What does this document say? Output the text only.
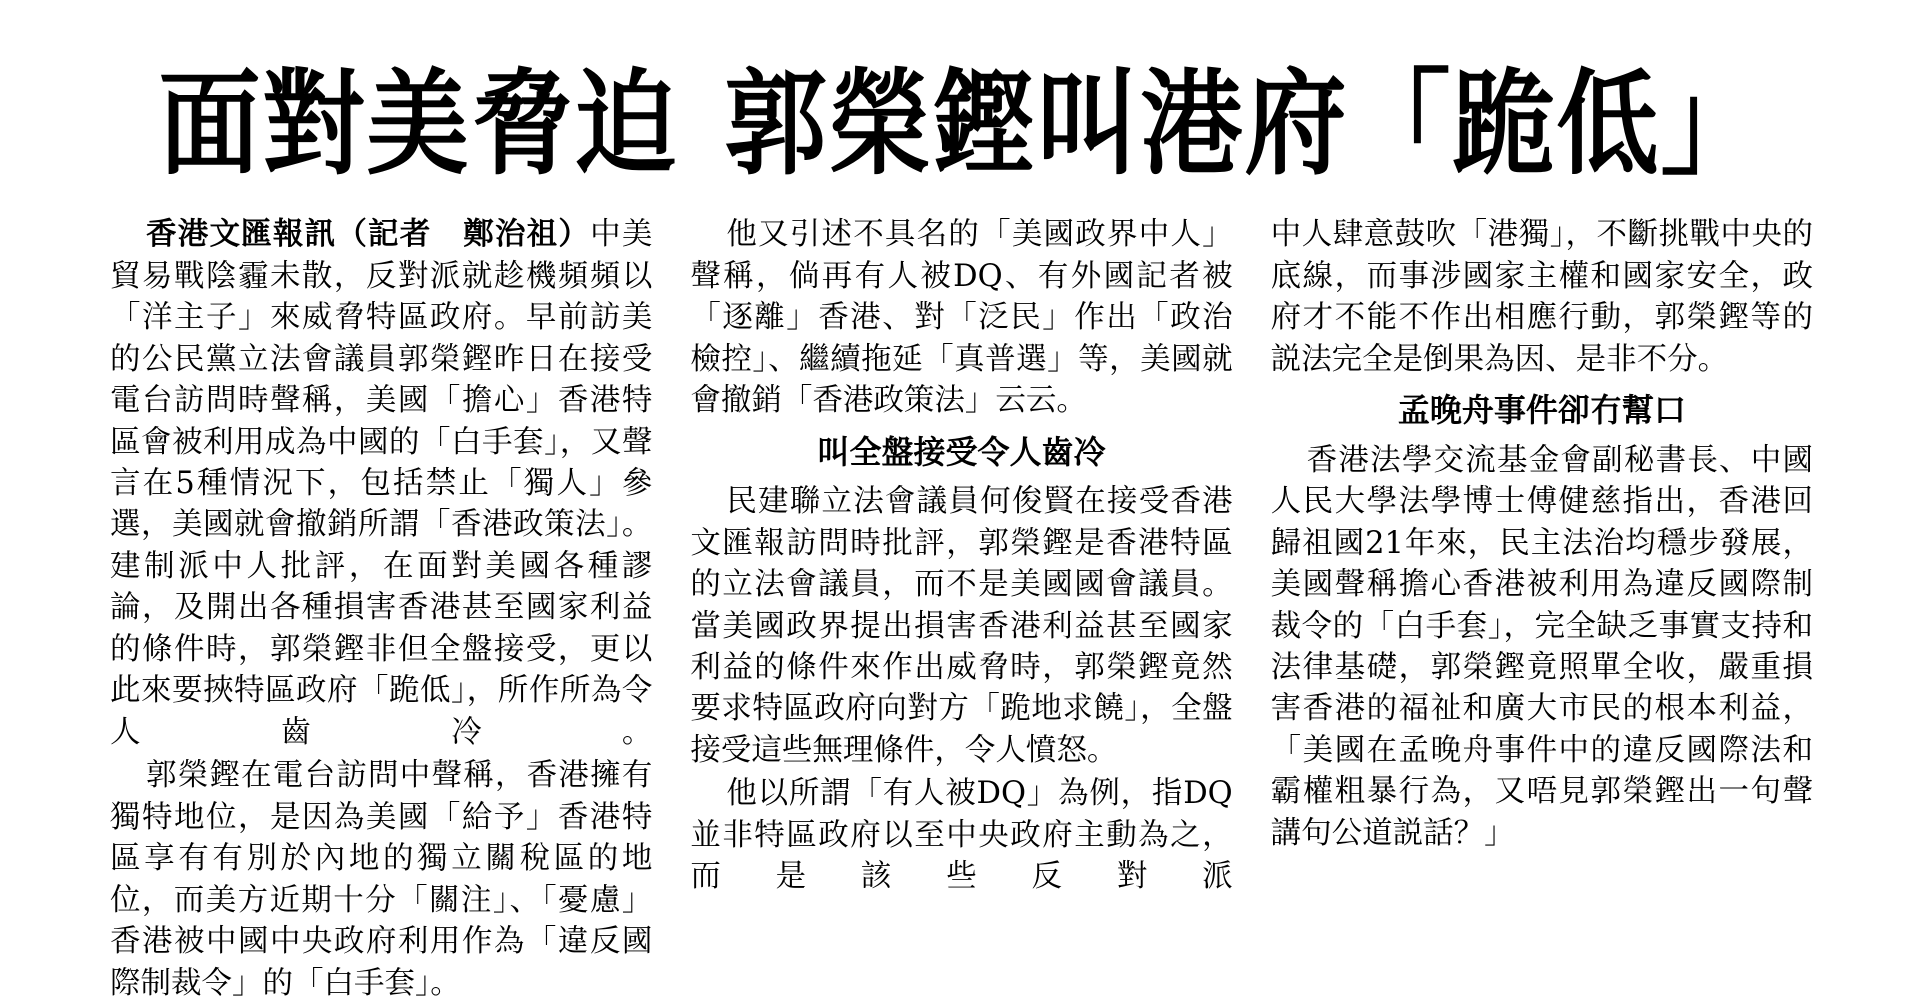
面對美脅迫 郭榮鏗叫港府「跪低」

香港文匯報訊（記者　鄭治祖）中美貿易戰陰霾未散，反對派就趁機頻頻以「洋主子」來威脅特區政府。早前訪美的公民黨立法會議員郭榮鏗昨日在接受電台訪問時聲稱，美國「擔心」香港特區會被利用成為中國的「白手套」，又聲言在5種情況下，包括禁止「獨人」參選，美國就會撤銷所謂「香港政策法」。建制派中人批評，在面對美國各種謬論，及開出各種損害香港甚至國家利益的條件時，郭榮鏗非但全盤接受，更以此來要挾特區政府「跪低」，所作所為令人齒冷。

郭榮鏗在電台訪問中聲稱，香港擁有獨特地位，是因為美國「給予」香港特區享有有別於內地的獨立關稅區的地位，而美方近期十分「關注」、「憂慮」香港被中國中央政府利用作為「違反國際制裁令」的「白手套」。

他又引述不具名的「美國政界中人」聲稱，倘再有人被DQ、有外國記者被「逐離」香港、對「泛民」作出「政治檢控」、繼續拖延「真普選」等，美國就會撤銷「香港政策法」云云。

叫全盤接受令人齒冷

民建聯立法會議員何俊賢在接受香港文匯報訪問時批評，郭榮鏗是香港特區的立法會議員，而不是美國國會議員。當美國政界提出損害香港利益甚至國家利益的條件來作出威脅時，郭榮鏗竟然要求特區政府向對方「跪地求饒」，全盤接受這些無理條件，令人憤怒。

他以所謂「有人被DQ」為例，指DQ並非特區政府以至中央政府主動為之，而是該些反對派

中人肆意鼓吹「港獨」，不斷挑戰中央的底線，而事涉國家主權和國家安全，政府才不能不作出相應行動，郭榮鏗等的説法完全是倒果為因、是非不分。

孟晚舟事件卻冇幫口

香港法學交流基金會副秘書長、中國人民大學法學博士傅健慈指出，香港回歸祖國21年來，民主法治均穩步發展，美國聲稱擔心香港被利用為違反國際制裁令的「白手套」，完全缺乏事實支持和法律基礎，郭榮鏗竟照單全收，嚴重損害香港的福祉和廣大市民的根本利益，「美國在孟晚舟事件中的違反國際法和霸權粗暴行為，又唔見郭榮鏗出一句聲講句公道説話？」
